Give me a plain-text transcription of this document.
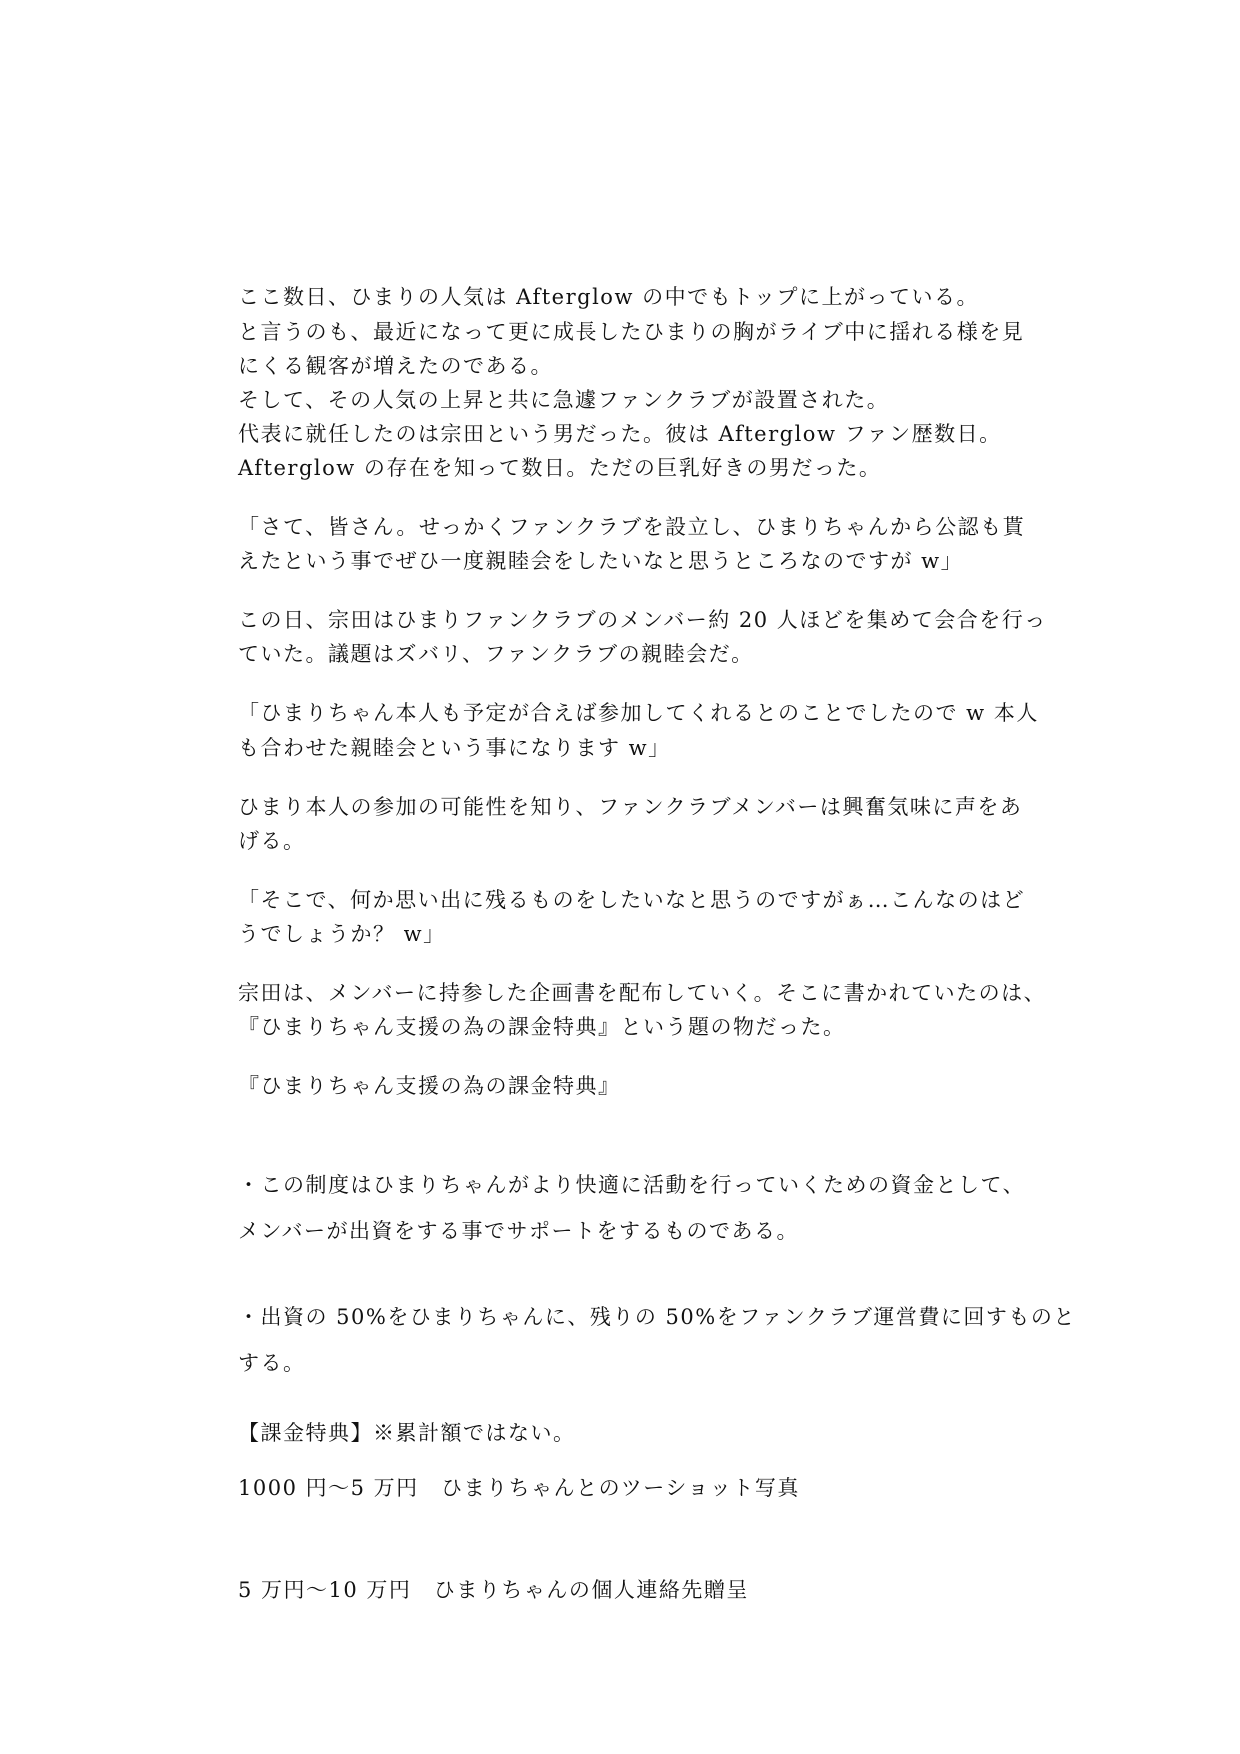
ここ数日、ひまりの人気は Afterglow の中でもトップに上がっている。
と言うのも、最近になって更に成長したひまりの胸がライブ中に揺れる様を見
にくる観客が増えたのである。
そして、その人気の上昇と共に急遽ファンクラブが設置された。
代表に就任したのは宗田という男だった。彼は Afterglow ファン歴数日。
Afterglow の存在を知って数日。ただの巨乳好きの男だった。
「さて、皆さん。せっかくファンクラブを設立し、ひまりちゃんから公認も貰
えたという事でぜひ一度親睦会をしたいなと思うところなのですが w」
この日、宗田はひまりファンクラブのメンバー約 20 人ほどを集めて会合を行っ
ていた。議題はズバリ、ファンクラブの親睦会だ。
「ひまりちゃん本人も予定が合えば参加してくれるとのことでしたので w 本人
も合わせた親睦会という事になります w」
ひまり本人の参加の可能性を知り、ファンクラブメンバーは興奮気味に声をあ
げる。
「そこで、何か思い出に残るものをしたいなと思うのですがぁ…こんなのはど
うでしょうか？ w」
宗田は、メンバーに持参した企画書を配布していく。そこに書かれていたのは、
『ひまりちゃん支援の為の課金特典』という題の物だった。
『ひまりちゃん支援の為の課金特典』
・この制度はひまりちゃんがより快適に活動を行っていくための資金として、
メンバーが出資をする事でサポートをするものである。
・出資の 50%をひまりちゃんに、残りの 50%をファンクラブ運営費に回すものと
する。
【課金特典】※累計額ではない。
1000 円〜5 万円　ひまりちゃんとのツーショット写真
5 万円〜10 万円　ひまりちゃんの個人連絡先贈呈
